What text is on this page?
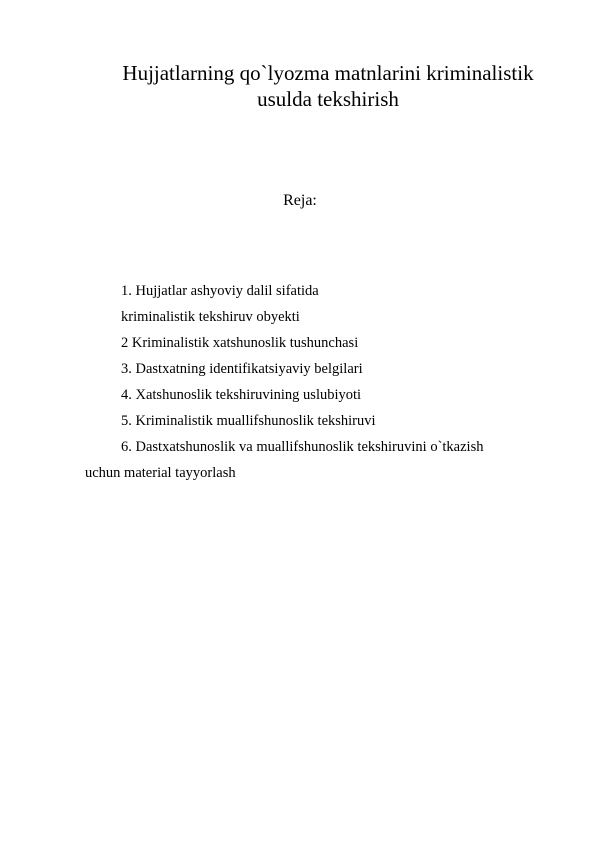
Hujjatlarning qo`lyozma matnlarini kriminalistik
usulda tekshirish

Reja:

1. Hujjatlar ashyoviy dalil sifatida
kriminalistik tekshiruv obyekti
2 Kriminalistik xatshunoslik tushunchasi
3. Dastxatning identifikatsiyaviy belgilari
4. Xatshunoslik tekshiruvining uslubiyoti
5. Kriminalistik muallifshunoslik tekshiruvi
6. Dastxatshunoslik va muallifshunoslik tekshiruvini o`tkazish
uchun material tayyorlash
